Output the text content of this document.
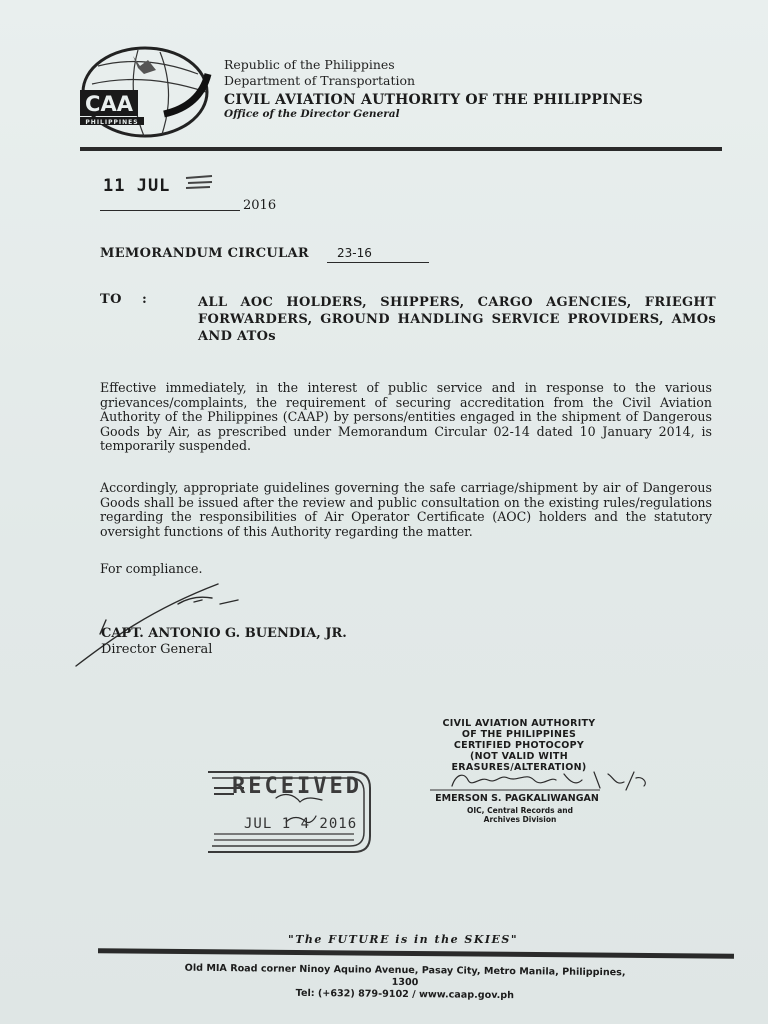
CAA
PHILIPPINES
Republic of the Philippines
Department of Transportation
CIVIL AVIATION AUTHORITY OF THE PHILIPPINES
Office of the Director General
11 JUL
2016
MEMORANDUM CIRCULAR 23-16
TO :	ALL AOC HOLDERS, SHIPPERS, CARGO AGENCIES, FRIEGHT FORWARDERS, GROUND HANDLING SERVICE PROVIDERS, AMOs AND ATOs
Effective immediately, in the interest of public service and in response to the various grievances/complaints, the requirement of securing accreditation from the Civil Aviation Authority of the Philippines (CAAP) by persons/entities engaged in the shipment of Dangerous Goods by Air, as prescribed under Memorandum Circular 02-14 dated 10 January 2014, is temporarily suspended.
Accordingly, appropriate guidelines governing the safe carriage/shipment by air of Dangerous Goods shall be issued after the review and public consultation on the existing rules/regulations regarding the responsibilities of Air Operator Certificate (AOC) holders and the statutory oversight functions of this Authority regarding the matter.
For compliance.
CAPT. ANTONIO G. BUENDIA, JR.
Director General
CIVIL AVIATION AUTHORITY
OF THE PHILIPPINES
CERTIFIED PHOTOCOPY
(NOT VALID WITH ERASURES/ALTERATION)
EMERSON S. PAGKALIWANGAN
OIC, Central Records and
Archives Division
RECEIVED
JUL 1 4 2016
"The FUTURE is in the SKIES"
Old MIA Road corner Ninoy Aquino Avenue, Pasay City, Metro Manila, Philippines, 1300
Tel: (+632) 879-9102 / www.caap.gov.ph
